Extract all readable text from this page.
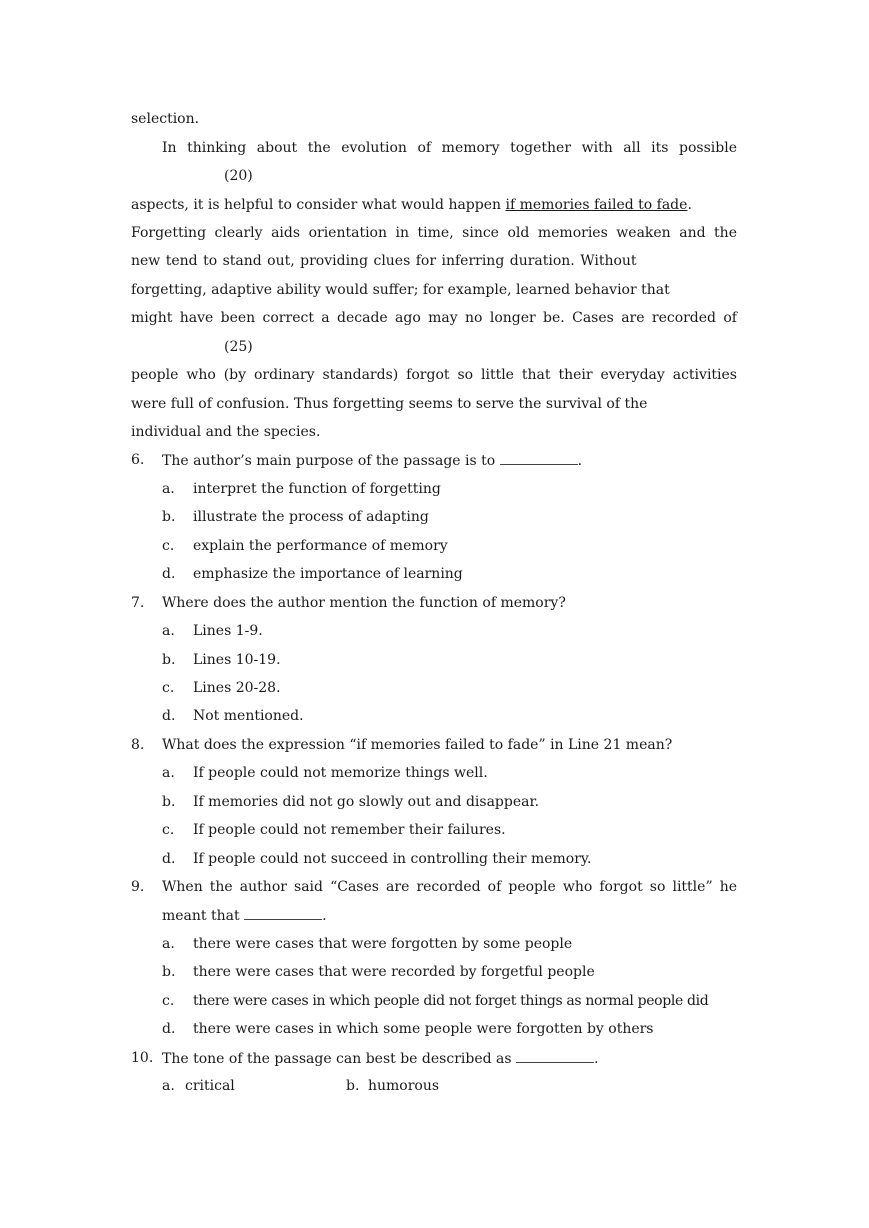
selection.
In thinking about the evolution of memory together with all its possible
(20)
aspects, it is helpful to consider what would happen if memories failed to fade.
Forgetting clearly aids orientation in time, since old memories weaken and the
new tend to stand out, providing clues for inferring duration. Without
forgetting, adaptive ability would suffer; for example, learned behavior that
might have been correct a decade ago may no longer be. Cases are recorded of
(25)
people who (by ordinary standards) forgot so little that their everyday activities
were full of confusion. Thus forgetting seems to serve the survival of the
individual and the species.
6. The author’s main purpose of the passage is to	.
a. interpret the function of forgetting
b. illustrate the process of adapting
c. explain the performance of memory
d. emphasize the importance of learning
7. Where does the author mention the function of memory?
a. Lines 1-9.
b. Lines 10-19.
c. Lines 20-28.
d. Not mentioned.
8. What does the expression “if memories failed to fade” in Line 21 mean?
a. If people could not memorize things well.
b. If memories did not go slowly out and disappear.
c. If people could not remember their failures.
d. If people could not succeed in controlling their memory.
9. When the author said “Cases are recorded of people who forgot so little” he
meant that	.
a. there were cases that were forgotten by some people
b. there were cases that were recorded by forgetful people
c. there were cases in which people did not forget things as normal people did
d. there were cases in which some people were forgotten by others
10. The tone of the passage can best be described as	.
a. critical	b. humorous
